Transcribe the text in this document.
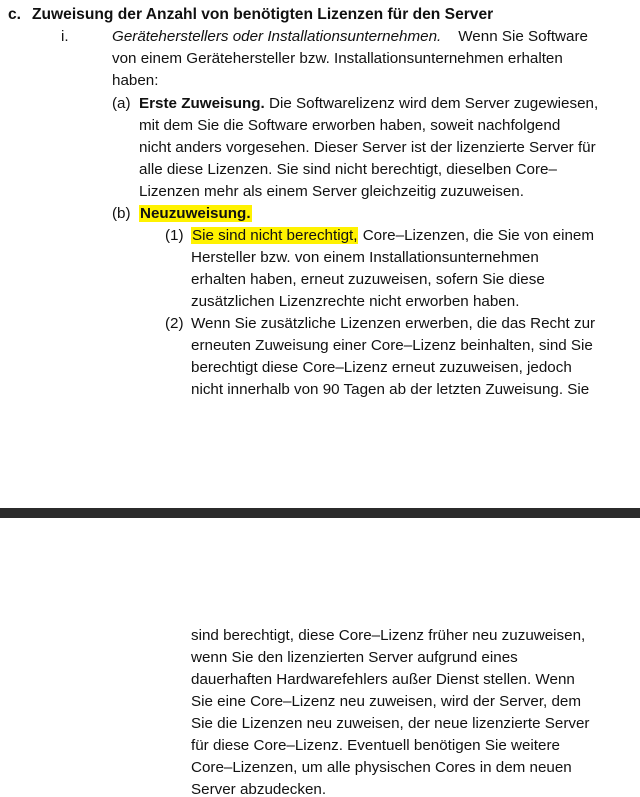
c. Zuweisung der Anzahl von benötigten Lizenzen für den Server
i.	Geräteherstellers oder Installationsunternehmen. Wenn Sie Software
von einem Gerätehersteller bzw. Installationsunternehmen erhalten
haben:
(a) Erste Zuweisung. Die Softwarelizenz wird dem Server zugewiesen,
mit dem Sie die Software erworben haben, soweit nachfolgend
nicht anders vorgesehen. Dieser Server ist der lizenzierte Server für
alle diese Lizenzen. Sie sind nicht berechtigt, dieselben Core–
Lizenzen mehr als einem Server gleichzeitig zuzuweisen.
(b) Neuzuweisung.
(1) Sie sind nicht berechtigt, Core–Lizenzen, die Sie von einem
Hersteller bzw. von einem Installationsunternehmen
erhalten haben, erneut zuzuweisen, sofern Sie diese
zusätzlichen Lizenzrechte nicht erworben haben.
(2) Wenn Sie zusätzliche Lizenzen erwerben, die das Recht zur
erneuten Zuweisung einer Core–Lizenz beinhalten, sind Sie
berechtigt diese Core–Lizenz erneut zuzuweisen, jedoch
nicht innerhalb von 90 Tagen ab der letzten Zuweisung. Sie
sind berechtigt, diese Core–Lizenz früher neu zuzuweisen,
wenn Sie den lizenzierten Server aufgrund eines
dauerhaften Hardwarefehlers außer Dienst stellen. Wenn
Sie eine Core–Lizenz neu zuweisen, wird der Server, dem
Sie die Lizenzen neu zuweisen, der neue lizenzierte Server
für diese Core–Lizenz. Eventuell benötigen Sie weitere
Core–Lizenzen, um alle physischen Cores in dem neuen
Server abzudecken.
